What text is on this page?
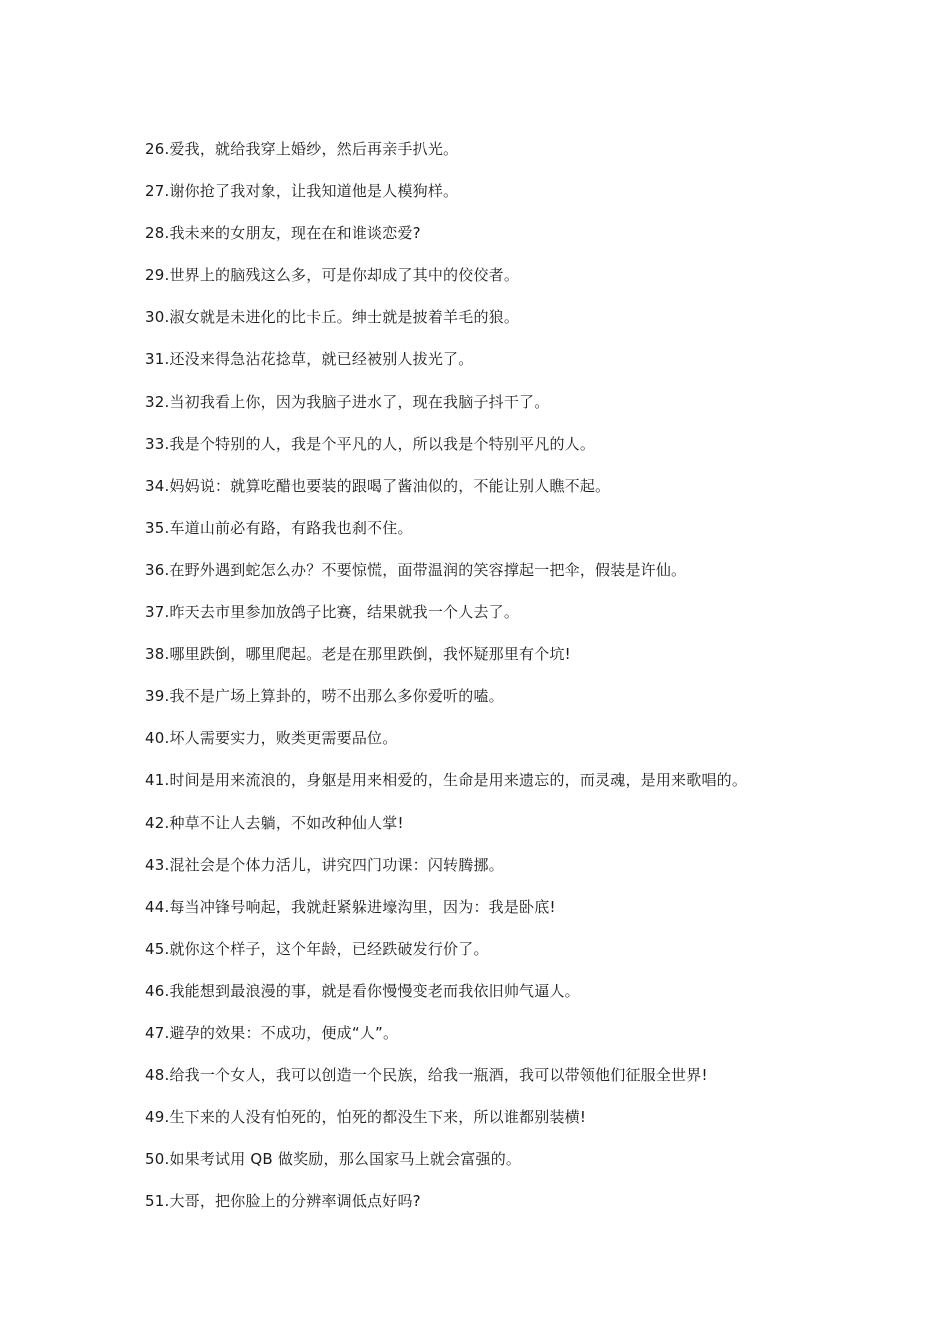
26.爱我，就给我穿上婚纱，然后再亲手扒光。
27.谢你抢了我对象，让我知道他是人模狗样。
28.我未来的女朋友，现在在和谁谈恋爱?
29.世界上的脑残这么多，可是你却成了其中的佼佼者。
30.淑女就是未进化的比卡丘。绅士就是披着羊毛的狼。
31.还没来得急沾花捻草，就已经被别人拔光了。
32.当初我看上你，因为我脑子进水了，现在我脑子抖干了。
33.我是个特别的人，我是个平凡的人，所以我是个特别平凡的人。
34.妈妈说：就算吃醋也要装的跟喝了酱油似的，不能让别人瞧不起。
35.车道山前必有路，有路我也刹不住。
36.在野外遇到蛇怎么办？不要惊慌，面带温润的笑容撑起一把伞，假装是许仙。
37.昨天去市里参加放鸽子比赛，结果就我一个人去了。
38.哪里跌倒，哪里爬起。老是在那里跌倒，我怀疑那里有个坑!
39.我不是广场上算卦的，唠不出那么多你爱听的嗑。
40.坏人需要实力，败类更需要品位。
41.时间是用来流浪的，身躯是用来相爱的，生命是用来遗忘的，而灵魂，是用来歌唱的。
42.种草不让人去躺，不如改种仙人掌!
43.混社会是个体力活儿，讲究四门功课：闪转腾挪。
44.每当冲锋号响起，我就赶紧躲进壕沟里，因为：我是卧底!
45.就你这个样子，这个年龄，已经跌破发行价了。
46.我能想到最浪漫的事，就是看你慢慢变老而我依旧帅气逼人。
47.避孕的效果：不成功，便成“人”。
48.给我一个女人，我可以创造一个民族，给我一瓶酒，我可以带领他们征服全世界!
49.生下来的人没有怕死的，怕死的都没生下来，所以谁都别装横!
50.如果考试用 QB 做奖励，那么国家马上就会富强的。
51.大哥，把你脸上的分辨率调低点好吗?
